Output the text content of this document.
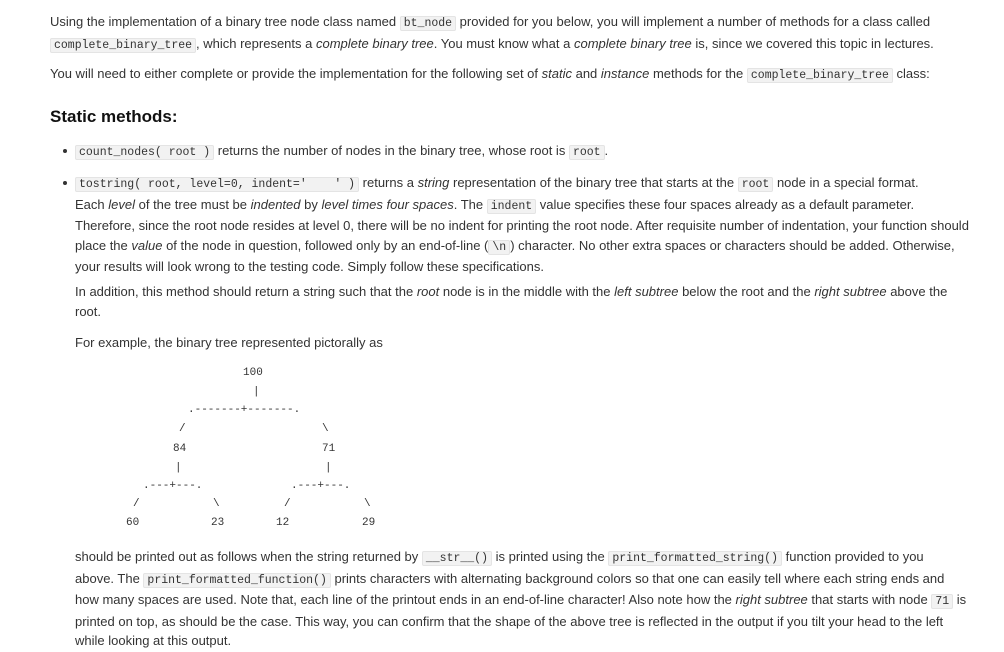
Using the implementation of a binary tree node class named bt_node provided for you below, you will implement a number of methods for a class called
complete_binary_tree , which represents a complete binary tree. You must know what a complete binary tree is, since we covered this topic in lectures.

You will need to either complete or provide the implementation for the following set of static and instance methods for the complete_binary_tree class:

Static methods:

count_nodes( root ) returns the number of nodes in the binary tree, whose root is root .

tostring( root, level=0, indent='    ' ) returns a string representation of the binary tree that starts at the root node in a special format.
Each level of the tree must be indented by level times four spaces. The indent value specifies these four spaces already as a default parameter.
Therefore, since the root node resides at level 0, there will be no indent for printing the root node. After requisite number of indentation, your function should
place the value of the node in question, followed only by an end-of-line ( \n ) character. No other extra spaces or characters should be added. Otherwise,
your results will look wrong to the testing code. Simply follow these specifications.

In addition, this method should return a string such that the root node is in the middle with the left subtree below the root and the right subtree above the
root.

For example, the binary tree represented pictorally as

100
|
.-------+-------.
/	\
84	71
|	|
.---+---.	.---+---.
/	\	/	\
60	23	12	29

should be printed out as follows when the string returned by __str__() is printed using the print_formatted_string() function provided to you
above. The print_formatted_function() prints characters with alternating background colors so that one can easily tell where each string ends and
how many spaces are used. Note that, each line of the printout ends in an end-of-line character! Also note how the right subtree that starts with node 71 is
printed on top, as should be the case. This way, you can confirm that the shape of the above tree is reflected in the output if you tilt your head to the left
while looking at this output.
